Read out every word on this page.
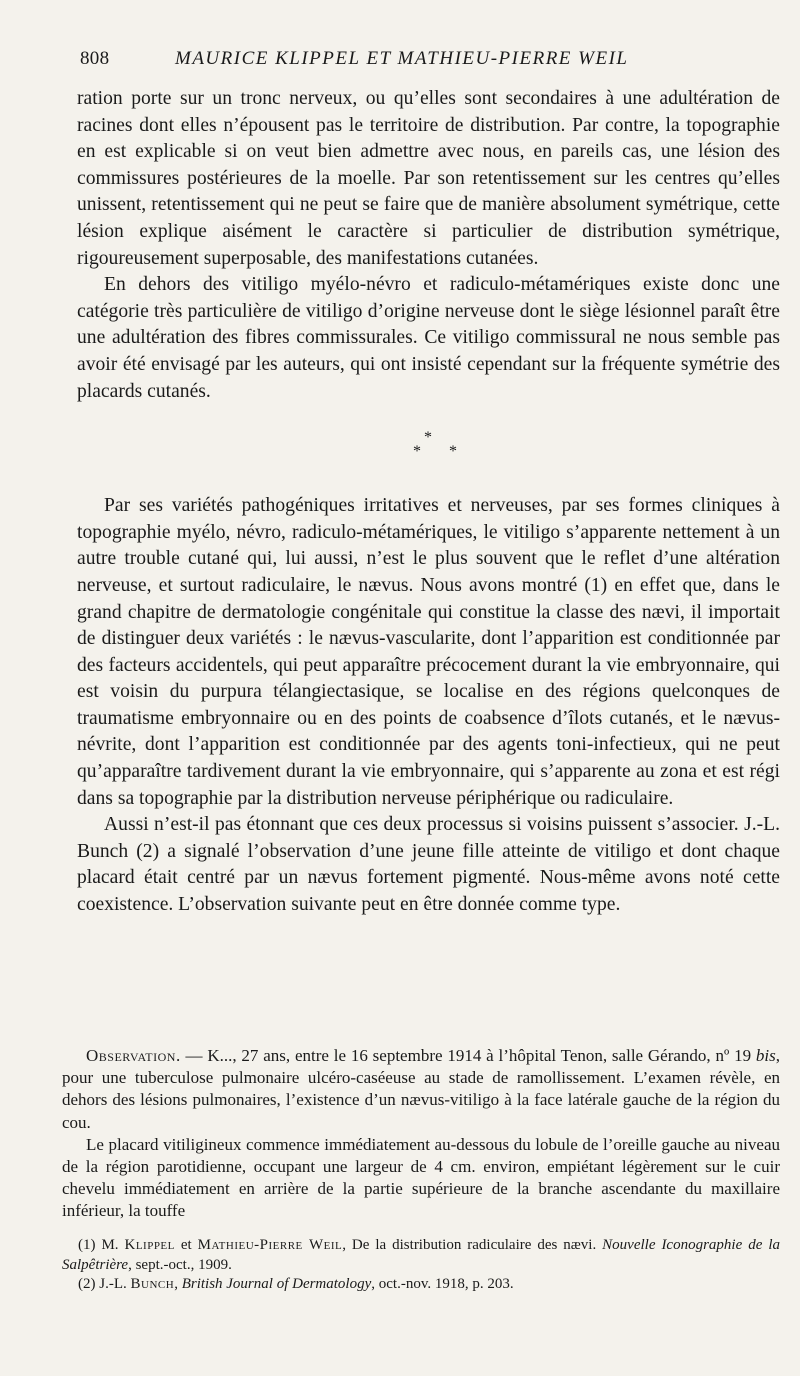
808	MAURICE KLIPPEL ET MATHIEU-PIERRE WEIL

ration porte sur un tronc nerveux, ou qu’elles sont secondaires à une adultération de racines dont elles n’épousent pas le territoire de distribution. Par contre, la topographie en est explicable si on veut bien admettre avec nous, en pareils cas, une lésion des commissures postérieures de la moelle. Par son retentissement sur les centres qu’elles unissent, retentissement qui ne peut se faire que de manière absolument symétrique, cette lésion explique aisément le caractère si particulier de distribution symétrique, rigoureusement superposable, des manifestations cutanées.

En dehors des vitiligo myélo-névro et radiculo-métamériques existe donc une catégorie très particulière de vitiligo d’origine nerveuse dont le siège lésionnel paraît être une adultération des fibres commissurales. Ce vitiligo commissural ne nous semble pas avoir été envisagé par les auteurs, qui ont insisté cependant sur la fréquente symétrie des placards cutanés.

*
* *

Par ses variétés pathogéniques irritatives et nerveuses, par ses formes cliniques à topographie myélo, névro, radiculo-métamériques, le vitiligo s’apparente nettement à un autre trouble cutané qui, lui aussi, n’est le plus souvent que le reflet d’une altération nerveuse, et surtout radiculaire, le nævus. Nous avons montré (1) en effet que, dans le grand chapitre de dermatologie congénitale qui constitue la classe des nævi, il importait de distinguer deux variétés : le nævus-vascularite, dont l’apparition est conditionnée par des facteurs accidentels, qui peut apparaître précocement durant la vie embryonnaire, qui est voisin du purpura télangiectasique, se localise en des régions quelconques de traumatisme embryonnaire ou en des points de coabsence d’îlots cutanés, et le nævus-névrite, dont l’apparition est conditionnée par des agents toni-infectieux, qui ne peut qu’apparaître tardivement durant la vie embryonnaire, qui s’apparente au zona et est régi dans sa topographie par la distribution nerveuse périphérique ou radiculaire.

Aussi n’est-il pas étonnant que ces deux processus si voisins puissent s’associer. J.-L. Bunch (2) a signalé l’observation d’une jeune fille atteinte de vitiligo et dont chaque placard était centré par un nævus fortement pigmenté. Nous-même avons noté cette coexistence. L’observation suivante peut en être donnée comme type.

Observation. — K..., 27 ans, entre le 16 septembre 1914 à l’hôpital Tenon, salle Gérando, nº 19 bis, pour une tuberculose pulmonaire ulcéro-caséeuse au stade de ramollissement. L’examen révèle, en dehors des lésions pulmonaires, l’existence d’un nævus-vitiligo à la face latérale gauche de la région du cou.

Le placard vitiligineux commence immédiatement au-dessous du lobule de l’oreille gauche au niveau de la région parotidienne, occupant une largeur de 4 cm. environ, empiétant légèrement sur le cuir chevelu immédiatement en arrière de la partie supérieure de la branche ascendante du maxillaire inférieur, la touffe

(1) M. Klippel et Mathieu-Pierre Weil, De la distribution radiculaire des nævi. Nouvelle Iconographie de la Salpêtrière, sept.-oct., 1909.

(2) J.-L. Bunch, British Journal of Dermatology, oct.-nov. 1918, p. 203.
